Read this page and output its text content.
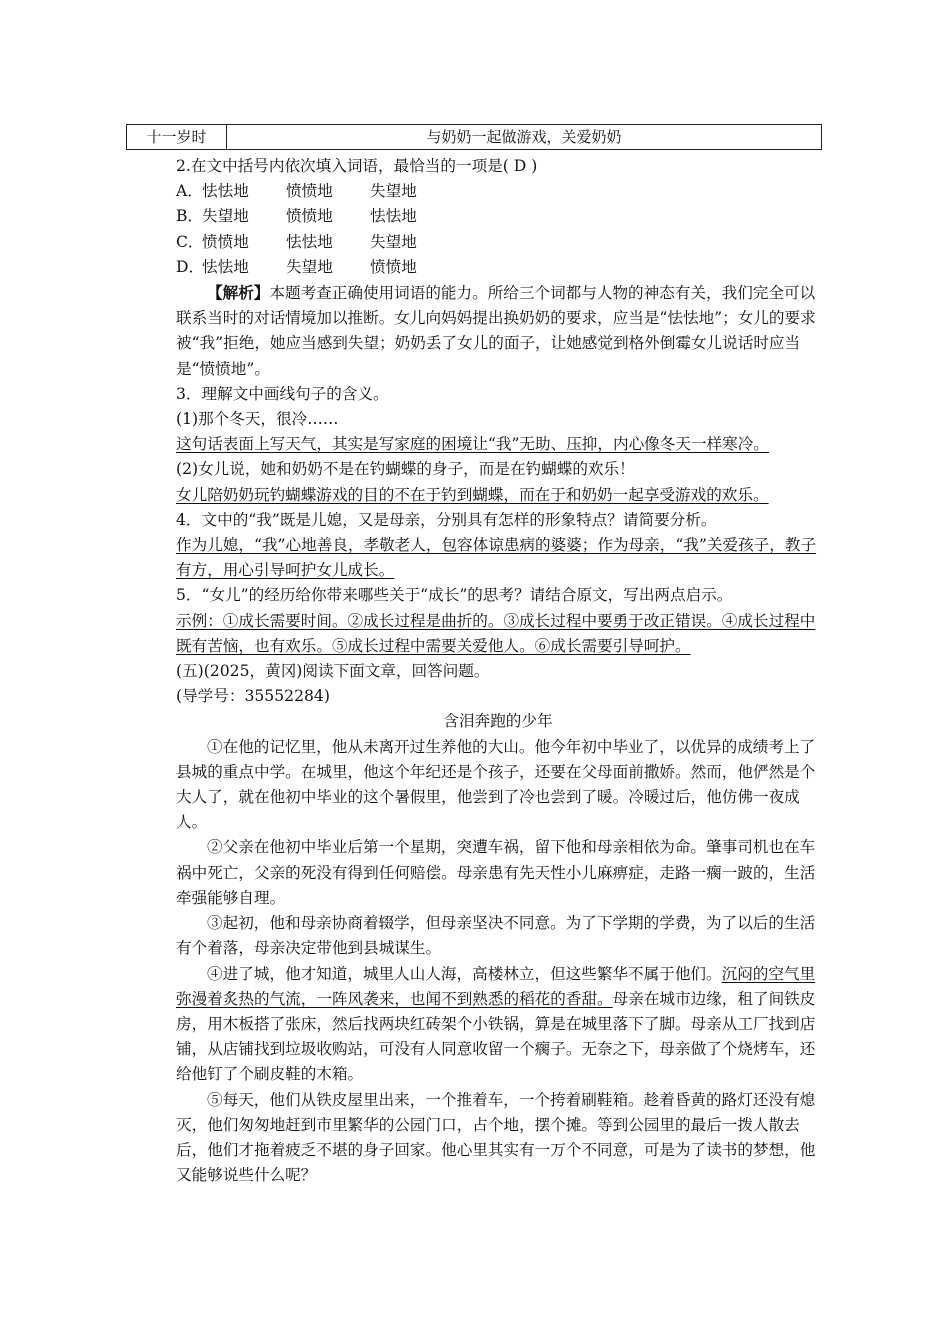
十一岁时	与奶奶一起做游戏，关爱奶奶

2.在文中括号内依次填入词语，最恰当的一项是( D )

A．怯怯地 愤愤地 失望地

B．失望地 愤愤地 怯怯地

C．愤愤地 怯怯地 失望地

D．怯怯地 失望地 愤愤地

【解析】本题考查正确使用词语的能力。所给三个词都与人物的神态有关，我们完全可以联系当时的对话情境加以推断。女儿向妈妈提出换奶奶的要求，应当是“怯怯地”；女儿的要求被“我”拒绝，她应当感到失望；奶奶丢了女儿的面子，让她感觉到格外倒霉女儿说话时应当是“愤愤地”。

3．理解文中画线句子的含义。

(1)那个冬天，很冷……

这句话表面上写天气，其实是写家庭的困境让“我”无助、压抑，内心像冬天一样寒冷。

(2)女儿说，她和奶奶不是在钓蝴蝶的身子，而是在钓蝴蝶的欢乐！

女儿陪奶奶玩钓蝴蝶游戏的目的不在于钓到蝴蝶，而在于和奶奶一起享受游戏的欢乐。

4．文中的“我”既是儿媳，又是母亲，分别具有怎样的形象特点？请简要分析。

作为儿媳，“我”心地善良，孝敬老人，包容体谅患病的婆婆；作为母亲，“我”关爱孩子，教子有方，用心引导呵护女儿成长。

5．“女儿”的经历给你带来哪些关于“成长”的思考？请结合原文，写出两点启示。

示例：①成长需要时间。②成长过程是曲折的。③成长过程中要勇于改正错误。④成长过程中既有苦恼，也有欢乐。⑤成长过程中需要关爱他人。⑥成长需要引导呵护。

(五)(2025，黄冈)阅读下面文章，回答问题。

(导学号：35552284)

含泪奔跑的少年

①在他的记忆里，他从未离开过生养他的大山。他今年初中毕业了，以优异的成绩考上了县城的重点中学。在城里，他这个年纪还是个孩子，还要在父母面前撒娇。然而，他俨然是个大人了，就在他初中毕业的这个暑假里，他尝到了冷也尝到了暖。冷暖过后，他仿佛一夜成人。

②父亲在他初中毕业后第一个星期，突遭车祸，留下他和母亲相依为命。肇事司机也在车祸中死亡，父亲的死没有得到任何赔偿。母亲患有先天性小儿麻痹症，走路一瘸一跛的，生活牵强能够自理。

③起初，他和母亲协商着辍学，但母亲坚决不同意。为了下学期的学费，为了以后的生活有个着落，母亲决定带他到县城谋生。

④进了城，他才知道，城里人山人海，高楼林立，但这些繁华不属于他们。沉闷的空气里弥漫着炙热的气流，一阵风袭来，也闻不到熟悉的稻花的香甜。母亲在城市边缘，租了间铁皮房，用木板搭了张床，然后找两块红砖架个小铁锅，算是在城里落下了脚。母亲从工厂找到店铺，从店铺找到垃圾收购站，可没有人同意收留一个瘸子。无奈之下，母亲做了个烧烤车，还给他钉了个刷皮鞋的木箱。

⑤每天，他们从铁皮屋里出来，一个推着车，一个挎着刷鞋箱。趁着昏黄的路灯还没有熄灭，他们匆匆地赶到市里繁华的公园门口，占个地，摆个摊。等到公园里的最后一拨人散去后，他们才拖着疲乏不堪的身子回家。他心里其实有一万个不同意，可是为了读书的梦想，他又能够说些什么呢？
